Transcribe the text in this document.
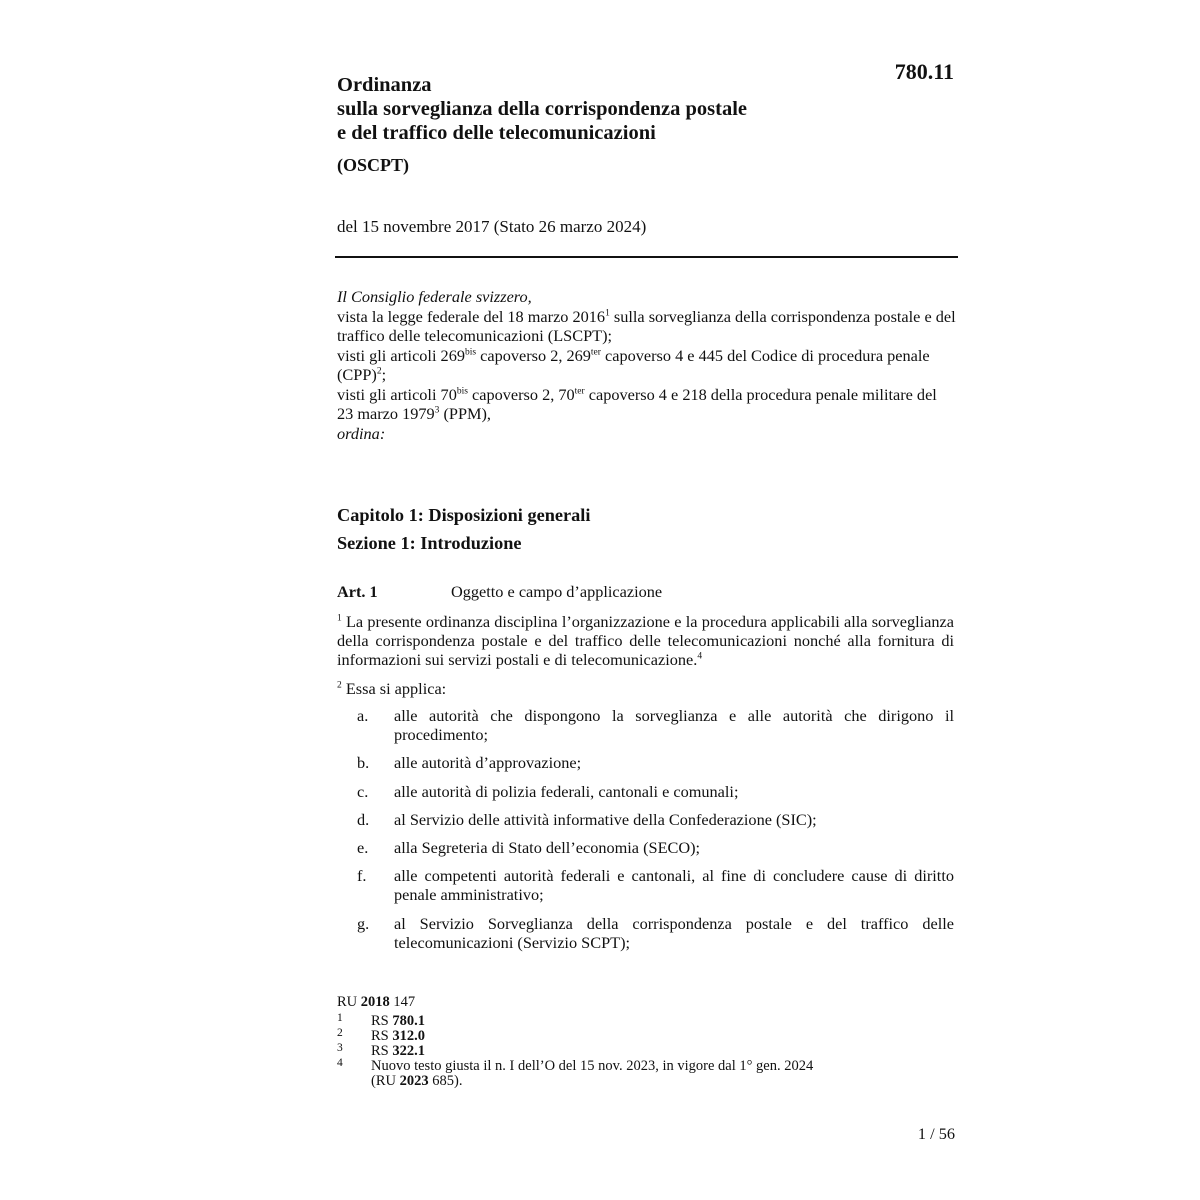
780.11
Ordinanza
sulla sorveglianza della corrispondenza postale
e del traffico delle telecomunicazioni
(OSCPT)
del 15 novembre 2017 (Stato 26 marzo 2024)

Il Consiglio federale svizzero,

vista la legge federale del 18 marzo 2016$^1$ sulla sorveglianza della corrispondenza postale e del traffico delle telecomunicazioni (LSCPT);

visti gli articoli $269^{bis}$ capoverso 2, $269^{ter}$ capoverso 4 e 445 del Codice di procedura penale (CPP)$^2$;

visti gli articoli $70^{bis}$ capoverso 2, $70^{ter}$ capoverso 4 e 218 della procedura penale militare del 23 marzo 1979$^3$ (PPM),

ordina:

Capitolo 1: Disposizioni generali
Sezione 1: Introduzione
Art. 1	Oggetto e campo d’applicazione
$^1$ La presente ordinanza disciplina l’organizzazione e la procedura applicabili alla sorveglianza della corrispondenza postale e del traffico delle telecomunicazioni nonché alla fornitura di informazioni sui servizi postali e di telecomunicazione.$^4$
$^2$ Essa si applica:
a. alle autorità che dispongono la sorveglianza e alle autorità che dirigono il procedimento;
b. alle autorità d’approvazione;
c. alle autorità di polizia federali, cantonali e comunali;
d. al Servizio delle attività informative della Confederazione (SIC);
e. alla Segreteria di Stato dell’economia (SECO);
f. alle competenti autorità federali e cantonali, al fine di concludere cause di diritto penale amministrativo;
g. al Servizio Sorveglianza della corrispondenza postale e del traffico delle telecomunicazioni (Servizio SCPT);
RU 2018 147
1 RS 780.1
2 RS 312.0
3 RS 322.1
4 Nuovo testo giusta il n. I dell’O del 15 nov. 2023, in vigore dal 1° gen. 2024
(RU 2023 685).
1 / 56
